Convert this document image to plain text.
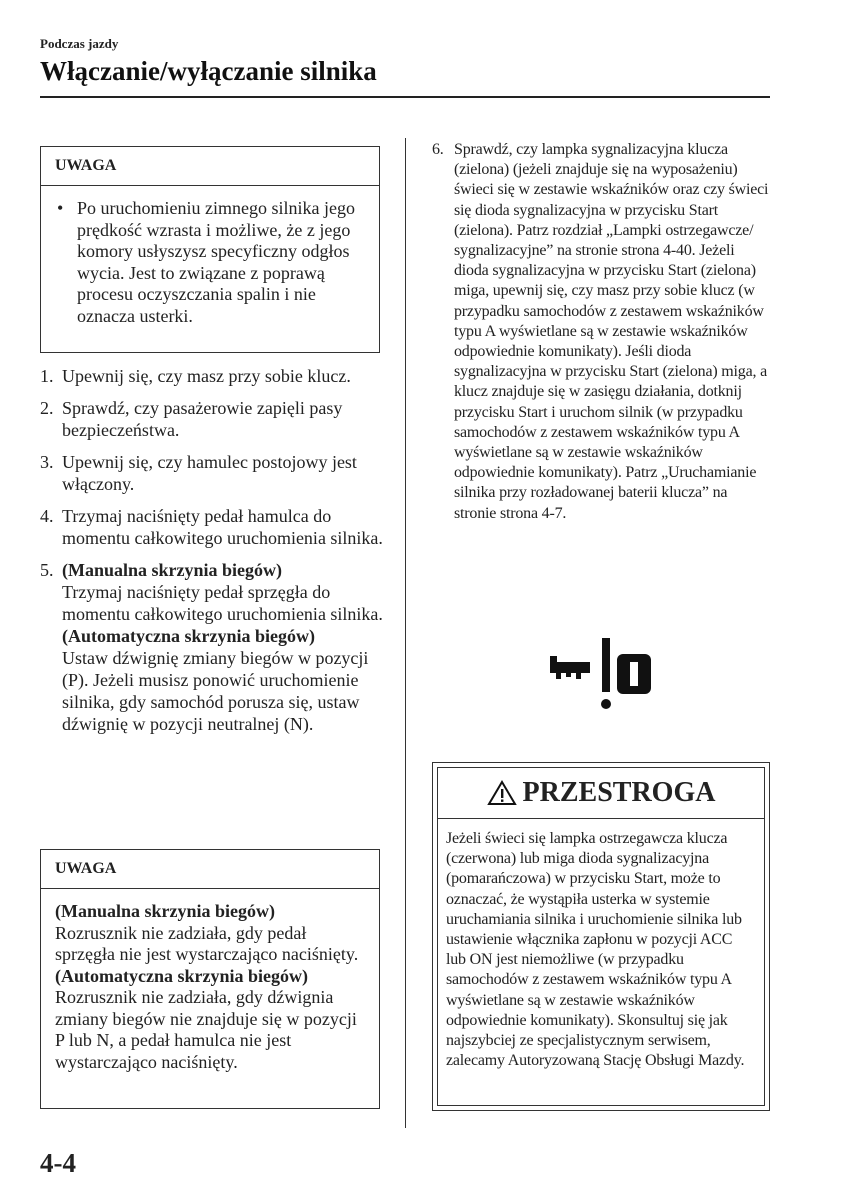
Podczas jazdy
Włączanie/wyłączanie silnika
UWAGA
• Po uruchomieniu zimnego silnika jego prędkość wzrasta i możliwe, że z jego komory usłyszysz specyficzny odgłos wycia. Jest to związane z poprawą procesu oczyszczania spalin i nie oznacza usterki.
1. Upewnij się, czy masz przy sobie klucz.
2. Sprawdź, czy pasażerowie zapięli pasy bezpieczeństwa.
3. Upewnij się, czy hamulec postojowy jest włączony.
4. Trzymaj naciśnięty pedał hamulca do momentu całkowitego uruchomienia silnika.
5. (Manualna skrzynia biegów)
Trzymaj naciśnięty pedał sprzęgła do momentu całkowitego uruchomienia silnika.
(Automatyczna skrzynia biegów)
Ustaw dźwignię zmiany biegów w pozycji (P). Jeżeli musisz ponowić uruchomienie silnika, gdy samochód porusza się, ustaw dźwignię w pozycji neutralnej (N).
UWAGA
(Manualna skrzynia biegów)
Rozrusznik nie zadziała, gdy pedał sprzęgła nie jest wystarczająco naciśnięty.
(Automatyczna skrzynia biegów)
Rozrusznik nie zadziała, gdy dźwignia zmiany biegów nie znajduje się w pozycji P lub N, a pedał hamulca nie jest wystarczająco naciśnięty.
6. Sprawdź, czy lampka sygnalizacyjna klucza (zielona) (jeżeli znajduje się na wyposażeniu) świeci się w zestawie wskaźników oraz czy świeci się dioda sygnalizacyjna w przycisku Start (zielona). Patrz rozdział „Lampki ostrzegawcze/ sygnalizacyjne” na stronie strona 4-40. Jeżeli dioda sygnalizacyjna w przycisku Start (zielona) miga, upewnij się, czy masz przy sobie klucz (w przypadku samochodów z zestawem wskaźników typu A wyświetlane są w zestawie wskaźników odpowiednie komunikaty). Jeśli dioda sygnalizacyjna w przycisku Start (zielona) miga, a klucz znajduje się w zasięgu działania, dotknij przycisku Start i uruchom silnik (w przypadku samochodów z zestawem wskaźników typu A wyświetlane są w zestawie wskaźników odpowiednie komunikaty). Patrz „Uruchamianie silnika przy rozładowanej baterii klucza” na stronie strona 4-7.
PRZESTROGA
Jeżeli świeci się lampka ostrzegawcza klucza (czerwona) lub miga dioda sygnalizacyjna (pomarańczowa) w przycisku Start, może to oznaczać, że wystąpiła usterka w systemie uruchamiania silnika i uruchomienie silnika lub ustawienie włącznika zapłonu w pozycji ACC lub ON jest niemożliwe (w przypadku samochodów z zestawem wskaźników typu A wyświetlane są w zestawie wskaźników odpowiednie komunikaty). Skonsultuj się jak najszybciej ze specjalistycznym serwisem, zalecamy Autoryzowaną Stację Obsługi Mazdy.
4-4
